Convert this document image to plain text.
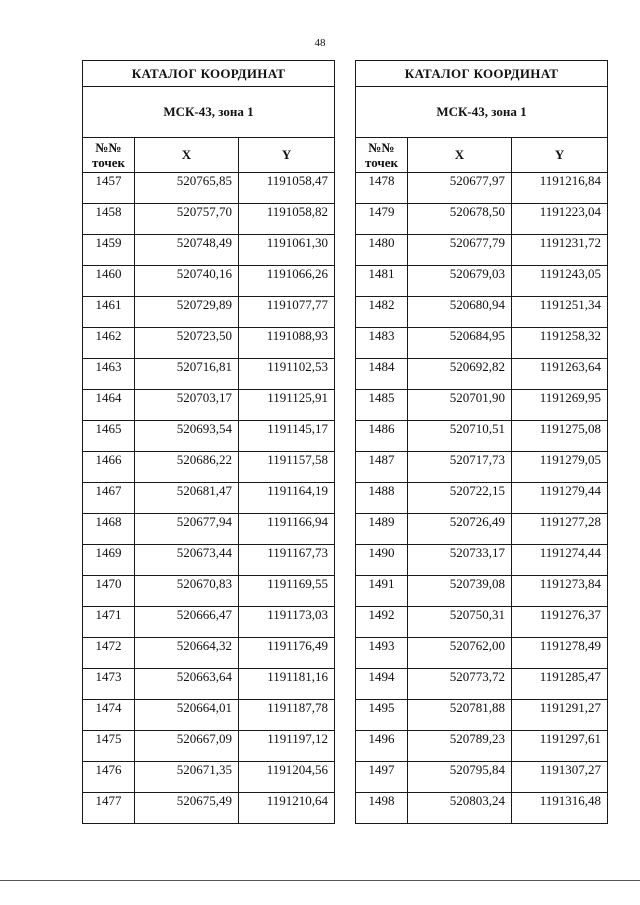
48
КАТАЛОГ КООРДИНАТ		
МСК-43, зона 1		
№№
точек	X	Y
1457	520765,85	1191058,47
1458	520757,70	1191058,82
1459	520748,49	1191061,30
1460	520740,16	1191066,26
1461	520729,89	1191077,77
1462	520723,50	1191088,93
1463	520716,81	1191102,53
1464	520703,17	1191125,91
1465	520693,54	1191145,17
1466	520686,22	1191157,58
1467	520681,47	1191164,19
1468	520677,94	1191166,94
1469	520673,44	1191167,73
1470	520670,83	1191169,55
1471	520666,47	1191173,03
1472	520664,32	1191176,49
1473	520663,64	1191181,16
1474	520664,01	1191187,78
1475	520667,09	1191197,12
1476	520671,35	1191204,56
1477	520675,49	1191210,64
КАТАЛОГ КООРДИНАТ		
МСК-43, зона 1		
№№
точек	X	Y
1478	520677,97	1191216,84
1479	520678,50	1191223,04
1480	520677,79	1191231,72
1481	520679,03	1191243,05
1482	520680,94	1191251,34
1483	520684,95	1191258,32
1484	520692,82	1191263,64
1485	520701,90	1191269,95
1486	520710,51	1191275,08
1487	520717,73	1191279,05
1488	520722,15	1191279,44
1489	520726,49	1191277,28
1490	520733,17	1191274,44
1491	520739,08	1191273,84
1492	520750,31	1191276,37
1493	520762,00	1191278,49
1494	520773,72	1191285,47
1495	520781,88	1191291,27
1496	520789,23	1191297,61
1497	520795,84	1191307,27
1498	520803,24	1191316,48
